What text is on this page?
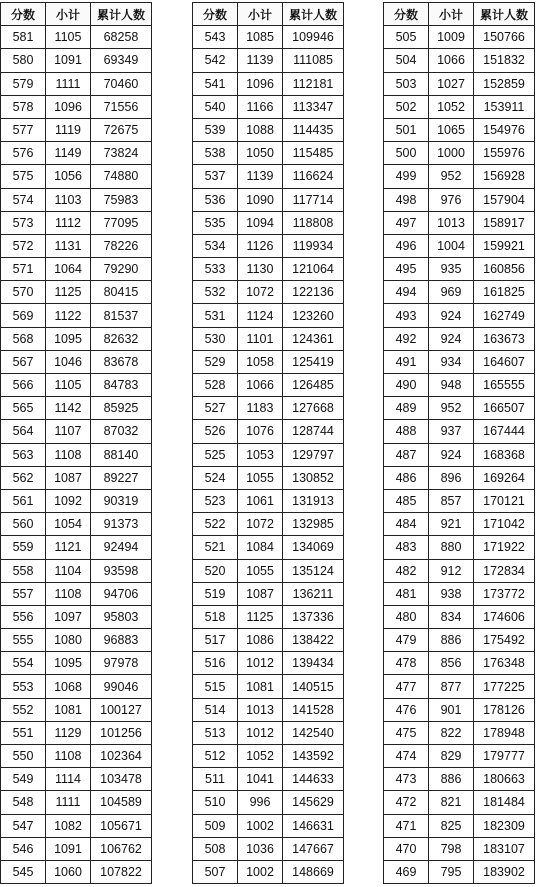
分数	小计	累计人数
581	1105	68258
580	1091	69349
579	1111	70460
578	1096	71556
577	1119	72675
576	1149	73824
575	1056	74880
574	1103	75983
573	1112	77095
572	1131	78226
571	1064	79290
570	1125	80415
569	1122	81537
568	1095	82632
567	1046	83678
566	1105	84783
565	1142	85925
564	1107	87032
563	1108	88140
562	1087	89227
561	1092	90319
560	1054	91373
559	1121	92494
558	1104	93598
557	1108	94706
556	1097	95803
555	1080	96883
554	1095	97978
553	1068	99046
552	1081	100127
551	1129	101256
550	1108	102364
549	1114	103478
548	1111	104589
547	1082	105671
546	1091	106762
545	1060	107822
分数	小计	累计人数
543	1085	109946
542	1139	111085
541	1096	112181
540	1166	113347
539	1088	114435
538	1050	115485
537	1139	116624
536	1090	117714
535	1094	118808
534	1126	119934
533	1130	121064
532	1072	122136
531	1124	123260
530	1101	124361
529	1058	125419
528	1066	126485
527	1183	127668
526	1076	128744
525	1053	129797
524	1055	130852
523	1061	131913
522	1072	132985
521	1084	134069
520	1055	135124
519	1087	136211
518	1125	137336
517	1086	138422
516	1012	139434
515	1081	140515
514	1013	141528
513	1012	142540
512	1052	143592
511	1041	144633
510	996	145629
509	1002	146631
508	1036	147667
507	1002	148669
分数	小计	累计人数
505	1009	150766
504	1066	151832
503	1027	152859
502	1052	153911
501	1065	154976
500	1000	155976
499	952	156928
498	976	157904
497	1013	158917
496	1004	159921
495	935	160856
494	969	161825
493	924	162749
492	924	163673
491	934	164607
490	948	165555
489	952	166507
488	937	167444
487	924	168368
486	896	169264
485	857	170121
484	921	171042
483	880	171922
482	912	172834
481	938	173772
480	834	174606
479	886	175492
478	856	176348
477	877	177225
476	901	178126
475	822	178948
474	829	179777
473	886	180663
472	821	181484
471	825	182309
470	798	183107
469	795	183902
